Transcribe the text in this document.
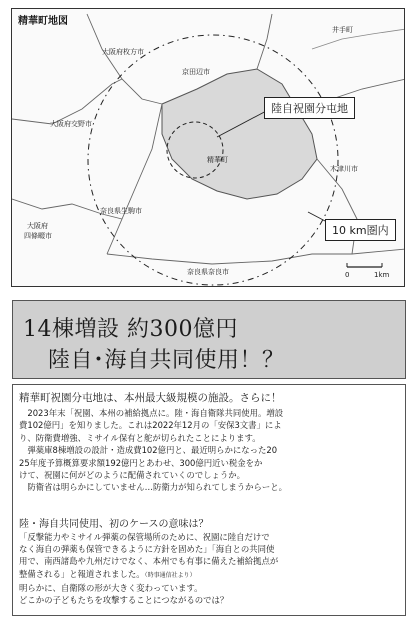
精華町地図
井手町
大阪府枚方市
京田辺市
大阪府交野市
精華町
木津川市
奈良県生駒市
大阪府
四條畷市
奈良県奈良市
陸自祝園分屯地
10 km圏内
0	1km
14棟増設 約300億円
陸自･海自共同使用！？

精華町祝園分屯地は、本州最大級規模の施設。さらに！

　2023年末「祝園、本州の補給拠点に。陸・海自衛隊共同使用。増設

費102億円」を知りました。これは2022年12月の「安保3文書」によ

り、防衛費増強、ミサイル保有と舵が切られたことによります。

　弾薬庫8棟増設の設計・造成費102億円と、最近明らかになった20

25年度予算概算要求額192億円とあわせ、300億円近い税金をか

けて、祝園に何がどのように配備されていくのでしょうか。

　防衛省は明らかにしていません…防衛力が知られてしまうからーと。

陸・海自共同使用、初のケースの意味は？

「反撃能力やミサイル弾薬の保管場所のために、祝園に陸自だけで

なく海自の弾薬も保管できるように方針を固めた」「海自との共同使

用で、南西諸島や九州だけでなく、本州でも有事に備えた補給拠点が

整備される」と報道されました。（時事通信社より）

明らかに、自衛隊の形が大きく変わっています。

どこかの子どもたちを攻撃することにつながるのでは？
